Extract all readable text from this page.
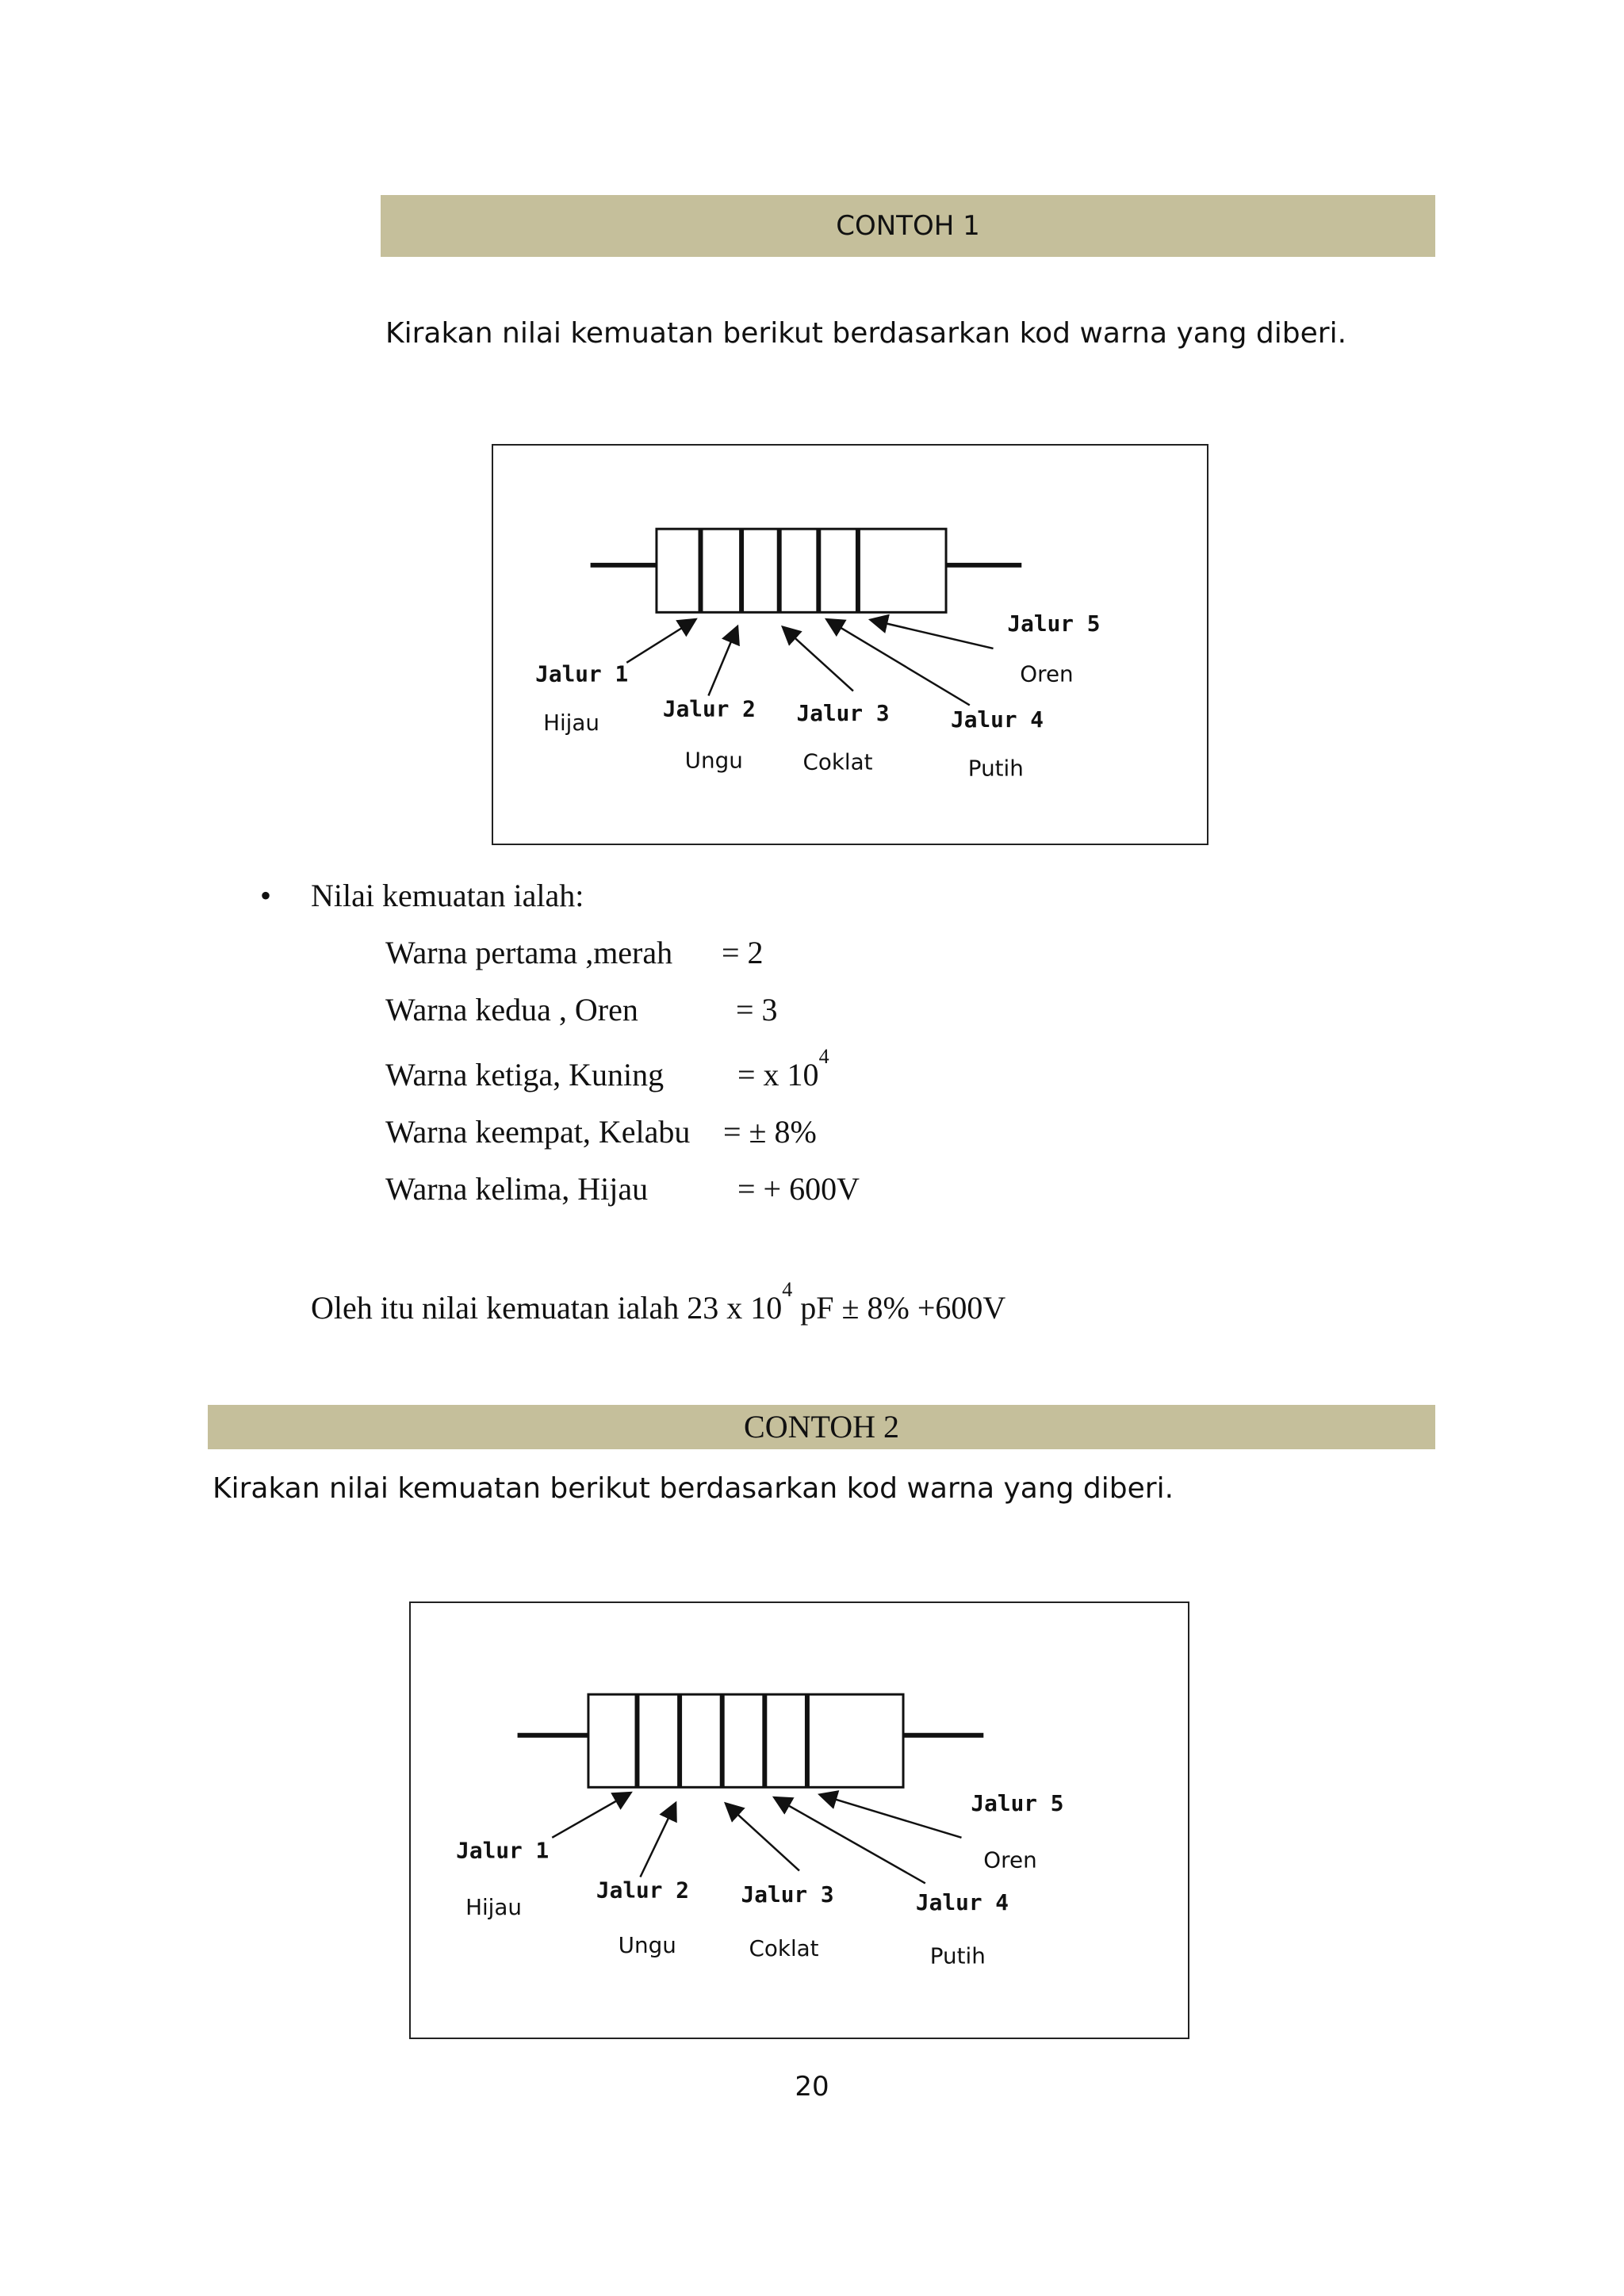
CONTOH 1
Kirakan nilai kemuatan berikut berdasarkan kod warna yang diberi.
Jalur 1
Hijau
Jalur 2
Ungu
Jalur 3
Coklat
Jalur 4
Putih
Jalur 5
Oren
• Nilai kemuatan ialah:
Warna pertama ,merah = 2
Warna kedua , Oren	= 3
Warna ketiga, Kuning = x $10^4$
Warna keempat, Kelabu = ± 8%
Warna kelima, Hijau	= + 600V
Oleh itu nilai kemuatan ialah 23 x $10^4$ pF ± 8% +600V
CONTOH 2
Kirakan nilai kemuatan berikut berdasarkan kod warna yang diberi.
Jalur 1
Hijau
Jalur 2
Ungu
Jalur 3
Coklat
Jalur 4
Putih
Jalur 5
Oren
20
